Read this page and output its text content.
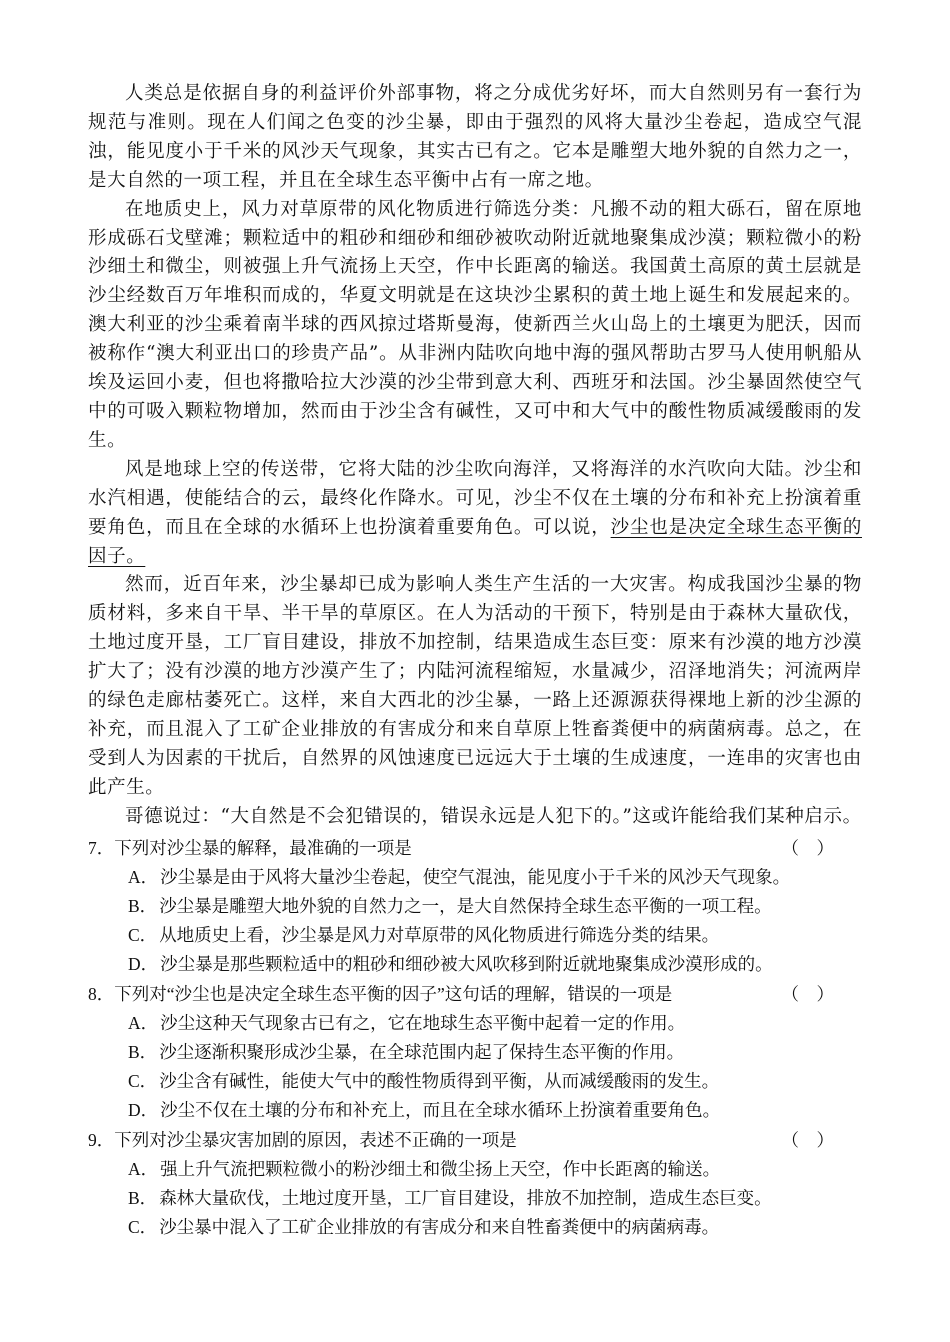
人类总是依据自身的利益评价外部事物，将之分成优劣好坏，而大自然则另有一套行为规范与准则。现在人们闻之色变的沙尘暴，即由于强烈的风将大量沙尘卷起，造成空气混浊，能见度小于千米的风沙天气现象，其实古已有之。它本是雕塑大地外貌的自然力之一，是大自然的一项工程，并且在全球生态平衡中占有一席之地。

在地质史上，风力对草原带的风化物质进行筛选分类：凡搬不动的粗大砾石，留在原地形成砾石戈壁滩；颗粒适中的粗砂和细砂和细砂被吹动附近就地聚集成沙漠；颗粒微小的粉沙细土和微尘，则被强上升气流扬上天空，作中长距离的输送。我国黄土高原的黄土层就是沙尘经数百万年堆积而成的，华夏文明就是在这块沙尘累积的黄土地上诞生和发展起来的。澳大利亚的沙尘乘着南半球的西风掠过塔斯曼海，使新西兰火山岛上的土壤更为肥沃，因而被称作“澳大利亚出口的珍贵产品”。从非洲内陆吹向地中海的强风帮助古罗马人使用帆船从埃及运回小麦，但也将撒哈拉大沙漠的沙尘带到意大利、西班牙和法国。沙尘暴固然使空气中的可吸入颗粒物增加，然而由于沙尘含有碱性，又可中和大气中的酸性物质减缓酸雨的发生。

风是地球上空的传送带，它将大陆的沙尘吹向海洋，又将海洋的水汽吹向大陆。沙尘和水汽相遇，使能结合的云，最终化作降水。可见，沙尘不仅在土壤的分布和补充上扮演着重要角色，而且在全球的水循环上也扮演着重要角色。可以说，沙尘也是决定全球生态平衡的因子。

然而，近百年来，沙尘暴却已成为影响人类生产生活的一大灾害。构成我国沙尘暴的物质材料，多来自干旱、半干旱的草原区。在人为活动的干预下，特别是由于森林大量砍伐，土地过度开垦，工厂盲目建设，排放不加控制，结果造成生态巨变：原来有沙漠的地方沙漠扩大了；没有沙漠的地方沙漠产生了；内陆河流程缩短，水量减少，沼泽地消失；河流两岸的绿色走廊枯萎死亡。这样，来自大西北的沙尘暴，一路上还源源获得裸地上新的沙尘源的补充，而且混入了工矿企业排放的有害成分和来自草原上牲畜粪便中的病菌病毒。总之，在受到人为因素的干扰后，自然界的风蚀速度已远远大于土壤的生成速度，一连串的灾害也由此产生。

哥德说过：“大自然是不会犯错误的，错误永远是人犯下的。”这或许能给我们某种启示。

7．下列对沙尘暴的解释，最准确的一项是	（    ）
A． 沙尘暴是由于风将大量沙尘卷起，使空气混浊，能见度小于千米的风沙天气现象。
B． 沙尘暴是雕塑大地外貌的自然力之一，是大自然保持全球生态平衡的一项工程。
C． 从地质史上看，沙尘暴是风力对草原带的风化物质进行筛选分类的结果。
D． 沙尘暴是那些颗粒适中的粗砂和细砂被大风吹移到附近就地聚集成沙漠形成的。
8．下列对“沙尘也是决定全球生态平衡的因子”这句话的理解，错误的一项是	（    ）
A． 沙尘这种天气现象古已有之，它在地球生态平衡中起着一定的作用。
B． 沙尘逐渐积聚形成沙尘暴，在全球范围内起了保持生态平衡的作用。
C． 沙尘含有碱性，能使大气中的酸性物质得到平衡，从而减缓酸雨的发生。
D． 沙尘不仅在土壤的分布和补充上，而且在全球水循环上扮演着重要角色。
9．下列对沙尘暴灾害加剧的原因，表述不正确的一项是	（    ）
A． 强上升气流把颗粒微小的粉沙细土和微尘扬上天空，作中长距离的输送。
B． 森林大量砍伐，土地过度开垦，工厂盲目建设，排放不加控制，造成生态巨变。
C． 沙尘暴中混入了工矿企业排放的有害成分和来自牲畜粪便中的病菌病毒。
